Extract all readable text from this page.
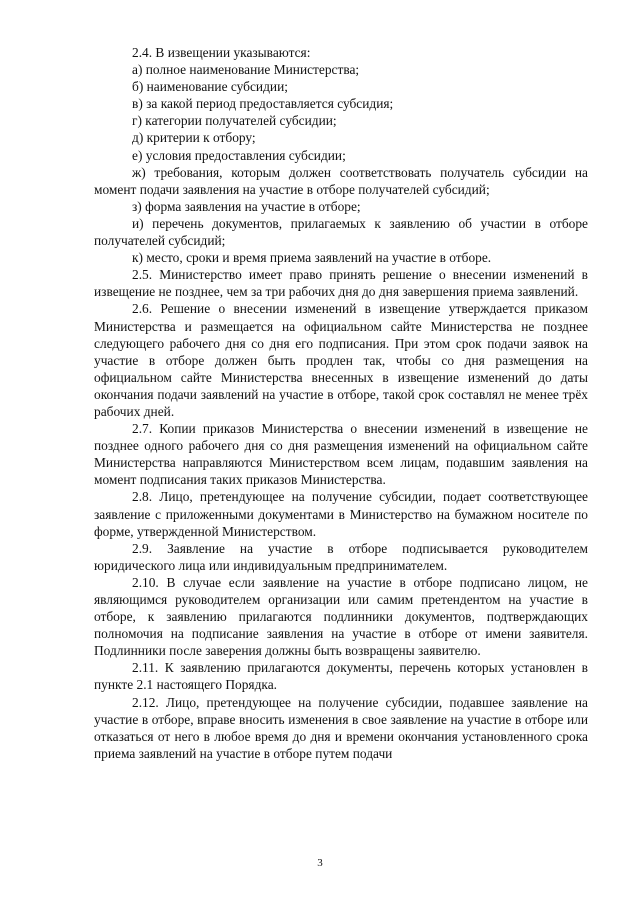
2.4. В извещении указываются:

а) полное наименование Министерства;

б) наименование субсидии;

в) за какой период предоставляется субсидия;

г) категории получателей субсидии;

д) критерии к отбору;

е) условия предоставления субсидии;

ж) требования, которым должен соответствовать получатель субсидии на момент подачи заявления на участие в отборе получателей субсидий;

з) форма заявления на участие в отборе;

и) перечень документов, прилагаемых к заявлению об участии в отборе получателей субсидий;

к) место, сроки и время приема заявлений на участие в отборе.

2.5. Министерство имеет право принять решение о внесении изменений в извещение не позднее, чем за три рабочих дня до дня завершения приема заявлений.

2.6. Решение о внесении изменений в извещение утверждается приказом Министерства и размещается на официальном сайте Министерства не позднее следующего рабочего дня со дня его подписания. При этом срок подачи заявок на участие в отборе должен быть продлен так, чтобы со дня размещения на официальном сайте Министерства внесенных в извещение изменений до даты окончания подачи заявлений на участие в отборе, такой срок составлял не менее трёх рабочих дней.

2.7. Копии приказов Министерства о внесении изменений в извещение не позднее одного рабочего дня со дня размещения изменений на официальном сайте Министерства направляются Министерством всем лицам, подавшим заявления на момент подписания таких приказов Министерства.

2.8. Лицо, претендующее на получение субсидии, подает соответствующее заявление с приложенными документами в Министерство на бумажном носителе по форме, утвержденной Министерством.

2.9. Заявление на участие в отборе подписывается руководителем юридического лица или индивидуальным предпринимателем.

2.10. В случае если заявление на участие в отборе подписано лицом, не являющимся руководителем организации или самим претендентом на участие в отборе, к заявлению прилагаются подлинники документов, подтверждающих полномочия на подписание заявления на участие в отборе от имени заявителя. Подлинники после заверения должны быть возвращены заявителю.

2.11. К заявлению прилагаются документы, перечень которых установлен в пункте 2.1 настоящего Порядка.

2.12. Лицо, претендующее на получение субсидии, подавшее заявление на участие в отборе, вправе вносить изменения в свое заявление на участие в отборе или отказаться от него в любое время до дня и времени окончания установленного срока приема заявлений на участие в отборе путем подачи

3
